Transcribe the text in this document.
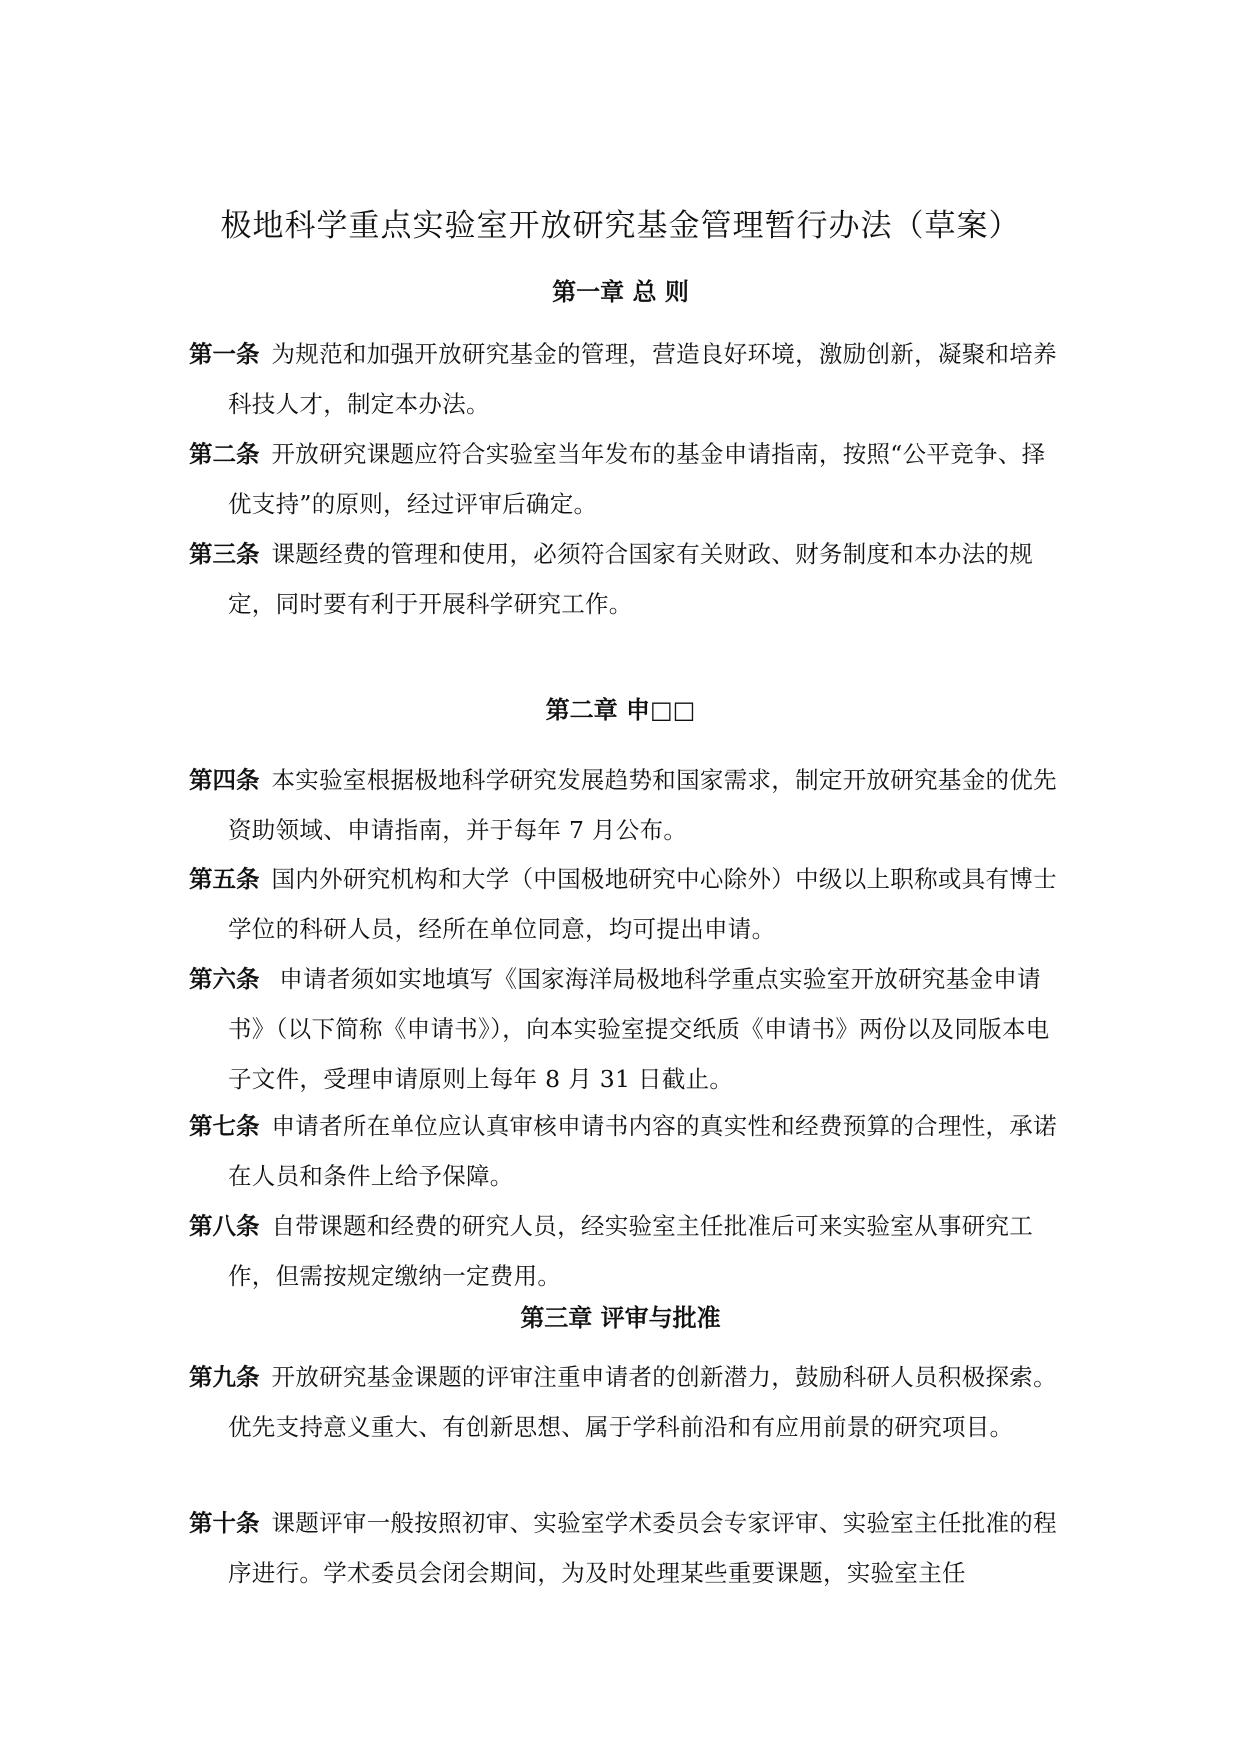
极地科学重点实验室开放研究基金管理暂行办法（草案）
第一章 总 则

第一条 为规范和加强开放研究基金的管理，营造良好环境，激励创新，凝聚和培养科技人才，制定本办法。

第二条 开放研究课题应符合实验室当年发布的基金申请指南，按照“公平竞争、择优支持”的原则，经过评审后确定。

第三条 课题经费的管理和使用，必须符合国家有关财政、财务制度和本办法的规定，同时要有利于开展科学研究工作。

第二章 申□□

第四条 本实验室根据极地科学研究发展趋势和国家需求，制定开放研究基金的优先资助领域、申请指南，并于每年 7 月公布。

第五条 国内外研究机构和大学（中国极地研究中心除外）中级以上职称或具有博士学位的科研人员，经所在单位同意，均可提出申请。

第六条 申请者须如实地填写《国家海洋局极地科学重点实验室开放研究基金申请书》（以下简称《申请书》），向本实验室提交纸质《申请书》两份以及同版本电子文件，受理申请原则上每年 8 月 31 日截止。

第七条 申请者所在单位应认真审核申请书内容的真实性和经费预算的合理性，承诺在人员和条件上给予保障。

第八条 自带课题和经费的研究人员，经实验室主任批准后可来实验室从事研究工作，但需按规定缴纳一定费用。

第三章 评审与批准

第九条 开放研究基金课题的评审注重申请者的创新潜力，鼓励科研人员积极探索。优先支持意义重大、有创新思想、属于学科前沿和有应用前景的研究项目。

第十条 课题评审一般按照初审、实验室学术委员会专家评审、实验室主任批准的程序进行。学术委员会闭会期间，为及时处理某些重要课题，实验室主任
